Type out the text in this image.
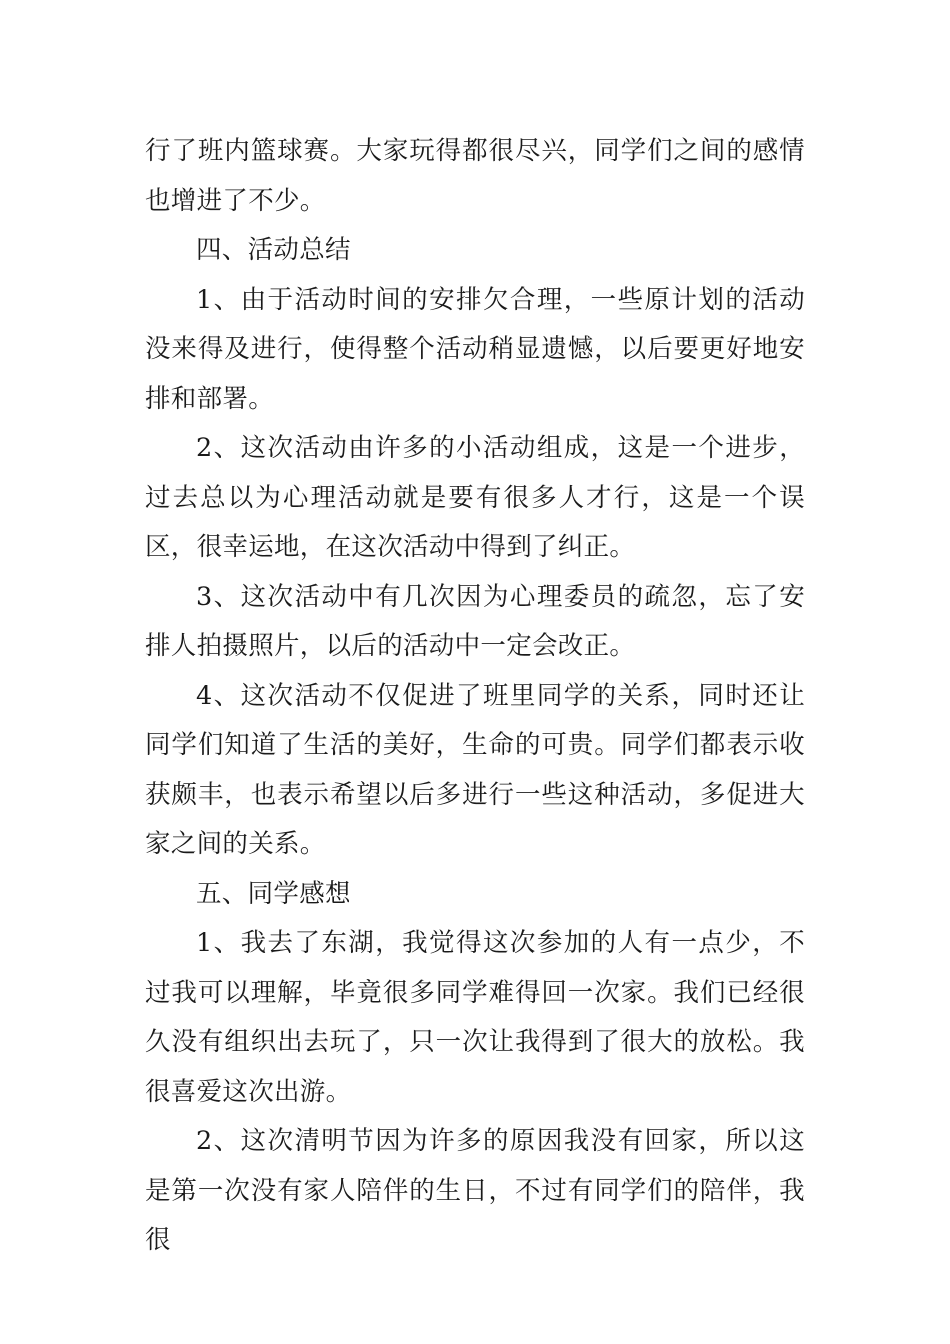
行了班内篮球赛。大家玩得都很尽兴，同学们之间的感情也增进了不少。

四、活动总结

1、由于活动时间的安排欠合理，一些原计划的活动没来得及进行，使得整个活动稍显遗憾，以后要更好地安排和部署。

2、这次活动由许多的小活动组成，这是一个进步，过去总以为心理活动就是要有很多人才行，这是一个误区，很幸运地，在这次活动中得到了纠正。

3、这次活动中有几次因为心理委员的疏忽，忘了安排人拍摄照片，以后的活动中一定会改正。

4、这次活动不仅促进了班里同学的关系，同时还让同学们知道了生活的美好，生命的可贵。同学们都表示收获颇丰，也表示希望以后多进行一些这种活动，多促进大家之间的关系。

五、同学感想

1、我去了东湖，我觉得这次参加的人有一点少，不过我可以理解，毕竟很多同学难得回一次家。我们已经很久没有组织出去玩了，只一次让我得到了很大的放松。我很喜爱这次出游。

2、这次清明节因为许多的原因我没有回家，所以这是第一次没有家人陪伴的生日，不过有同学们的陪伴，我很
